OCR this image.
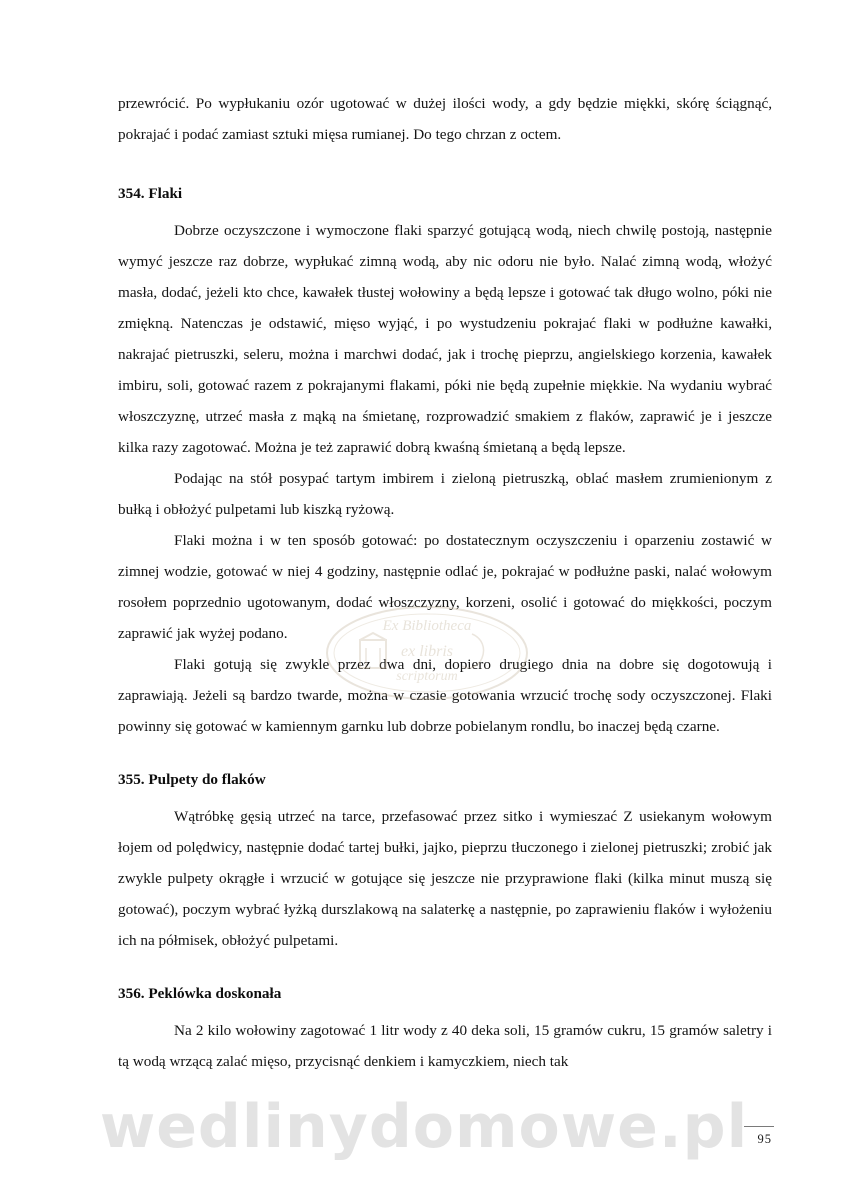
przewrócić. Po wypłukaniu ozór ugotować w dużej ilości wody, a gdy będzie miękki, skórę ściągnąć, pokrajać i podać zamiast sztuki mięsa rumianej. Do tego chrzan z octem.

354. Flaki

Dobrze oczyszczone i wymoczone flaki sparzyć gotującą wodą, niech chwilę postoją, następnie wymyć jeszcze raz dobrze, wypłukać zimną wodą, aby nic odoru nie było. Nalać zimną wodą, włożyć masła, dodać, jeżeli kto chce, kawałek tłustej wołowiny a będą lepsze i gotować tak długo wolno, póki nie zmiękną. Natenczas je odstawić, mięso wyjąć, i po wystudzeniu pokrajać flaki w podłużne kawałki, nakrajać pietruszki, seleru, można i marchwi dodać, jak i trochę pieprzu, angielskiego korzenia, kawałek imbiru, soli, gotować razem z pokrajanymi flakami, póki nie będą zupełnie miękkie. Na wydaniu wybrać włoszczyznę, utrzeć masła z mąką na śmietanę, rozprowadzić smakiem z flaków, zaprawić je i jeszcze kilka razy zagotować. Można je też zaprawić dobrą kwaśną śmietaną a będą lepsze.

Podając na stół posypać tartym imbirem i zieloną pietruszką, oblać masłem zrumienionym z bułką i obłożyć pulpetami lub kiszką ryżową.

Flaki można i w ten sposób gotować: po dostatecznym oczyszczeniu i oparzeniu zostawić w zimnej wodzie, gotować w niej 4 godziny, następnie odlać je, pokrajać w podłużne paski, nalać wołowym rosołem poprzednio ugotowanym, dodać włoszczyzny, korzeni, osolić i gotować do miękkości, poczym zaprawić jak wyżej podano.

Flaki gotują się zwykle przez dwa dni, dopiero drugiego dnia na dobre się dogotowują i zaprawiają. Jeżeli są bardzo twarde, można w czasie gotowania wrzucić trochę sody oczyszczonej. Flaki powinny się gotować w kamiennym garnku lub dobrze pobielanym rondlu, bo inaczej będą czarne.

355. Pulpety do flaków

Wątróbkę gęsią utrzeć na tarce, przefasować przez sitko i wymieszać Z usiekanym wołowym łojem od polędwicy, następnie dodać tartej bułki, jajko, pieprzu tłuczonego i zielonej pietruszki; zrobić jak zwykle pulpety okrągłe i wrzucić w gotujące się jeszcze nie przyprawione flaki (kilka minut muszą się gotować), poczym wybrać łyżką durszlakową na salaterkę a następnie, po zaprawieniu flaków i wyłożeniu ich na półmisek, obłożyć pulpetami.

356. Peklówka doskonała

Na 2 kilo wołowiny zagotować 1 litr wody z 40 deka soli, 15 gramów cukru, 15 gramów saletry i tą wodą wrzącą zalać mięso, przycisnąć denkiem i kamyczkiem, niech tak

Ex Bibliotheca
ex libris
scriptorum
95
wedlinydomowe.pl
